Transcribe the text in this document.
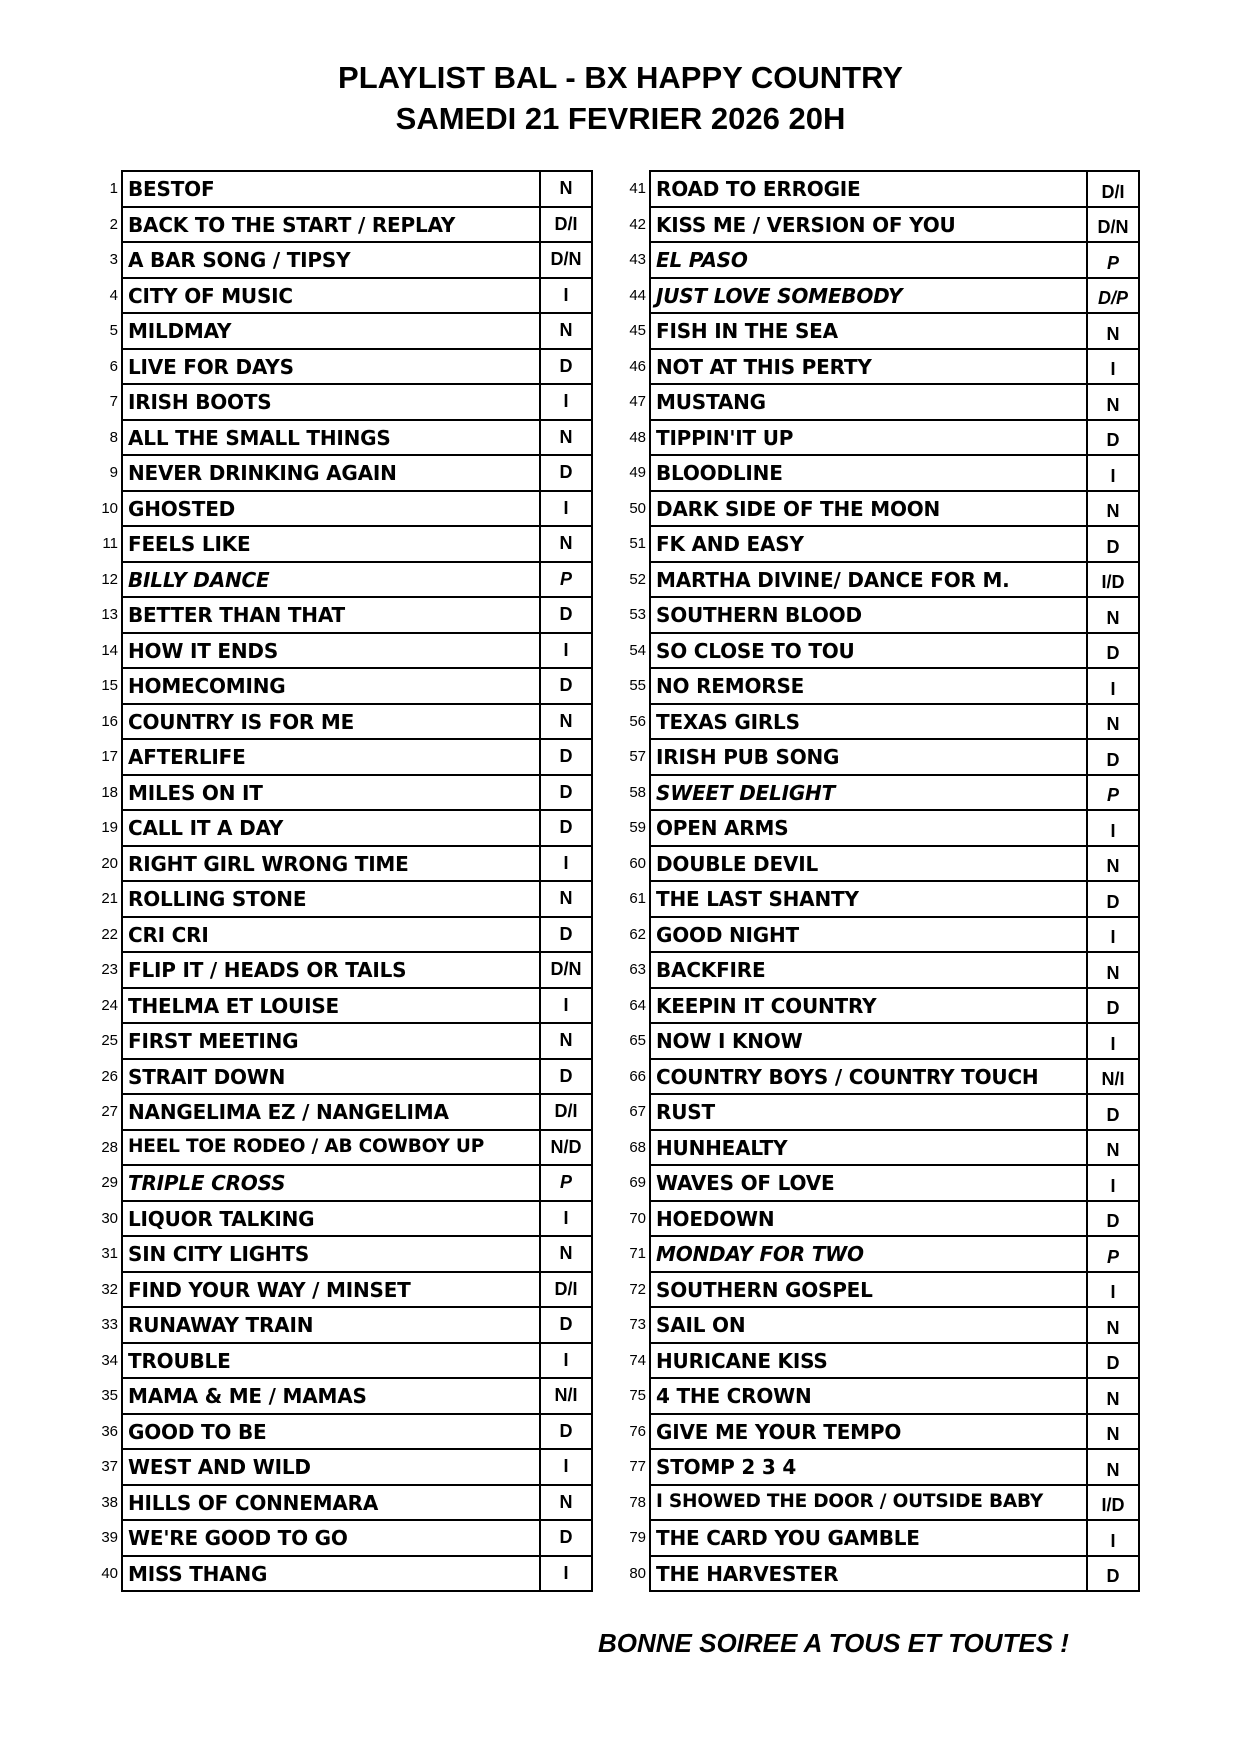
PLAYLIST BAL - BX HAPPY COUNTRY
SAMEDI 21 FEVRIER 2026 20H
1	BESTOF	N
2	BACK TO THE START / REPLAY	D/I
3	A BAR SONG / TIPSY	D/N
4	CITY OF MUSIC	I
5	MILDMAY	N
6	LIVE FOR DAYS	D
7	IRISH BOOTS	I
8	ALL THE SMALL THINGS	N
9	NEVER DRINKING AGAIN	D
10	GHOSTED	I
11	FEELS LIKE	N
12	BILLY DANCE	P
13	BETTER THAN THAT	D
14	HOW IT ENDS	I
15	HOMECOMING	D
16	COUNTRY IS FOR ME	N
17	AFTERLIFE	D
18	MILES ON IT	D
19	CALL IT A DAY	D
20	RIGHT GIRL WRONG TIME	I
21	ROLLING STONE	N
22	CRI CRI	D
23	FLIP IT / HEADS OR TAILS	D/N
24	THELMA ET LOUISE	I
25	FIRST MEETING	N
26	STRAIT DOWN	D
27	NANGELIMA EZ / NANGELIMA	D/I
28	HEEL TOE RODEO / AB COWBOY UP	N/D
29	TRIPLE CROSS	P
30	LIQUOR TALKING	I
31	SIN CITY LIGHTS	N
32	FIND YOUR WAY / MINSET	D/I
33	RUNAWAY TRAIN	D
34	TROUBLE	I
35	MAMA & ME / MAMAS	N/I
36	GOOD TO BE	D
37	WEST AND WILD	I
38	HILLS OF CONNEMARA	N
39	WE'RE GOOD TO GO	D
40	MISS THANG	I
41	ROAD TO ERROGIE	D/I
42	KISS ME / VERSION OF YOU	D/N
43	EL PASO	P
44	JUST LOVE SOMEBODY	D/P
45	FISH IN THE SEA	N
46	NOT AT THIS PERTY	I
47	MUSTANG	N
48	TIPPIN'IT UP	D
49	BLOODLINE	I
50	DARK SIDE OF THE MOON	N
51	FK AND EASY	D
52	MARTHA DIVINE/ DANCE FOR M.	I/D
53	SOUTHERN BLOOD	N
54	SO CLOSE TO TOU	D
55	NO REMORSE	I
56	TEXAS GIRLS	N
57	IRISH PUB SONG	D
58	SWEET DELIGHT	P
59	OPEN ARMS	I
60	DOUBLE DEVIL	N
61	THE LAST SHANTY	D
62	GOOD NIGHT	I
63	BACKFIRE	N
64	KEEPIN IT COUNTRY	D
65	NOW I KNOW	I
66	COUNTRY BOYS / COUNTRY TOUCH	N/I
67	RUST	D
68	HUNHEALTY	N
69	WAVES OF LOVE	I
70	HOEDOWN	D
71	MONDAY FOR TWO	P
72	SOUTHERN GOSPEL	I
73	SAIL ON	N
74	HURICANE KISS	D
75	4 THE CROWN	N
76	GIVE ME YOUR TEMPO	N
77	STOMP 2 3 4	N
78	I SHOWED THE DOOR / OUTSIDE BABY	I/D
79	THE CARD YOU GAMBLE	I
80	THE HARVESTER	D
BONNE SOIREE A TOUS ET TOUTES !
